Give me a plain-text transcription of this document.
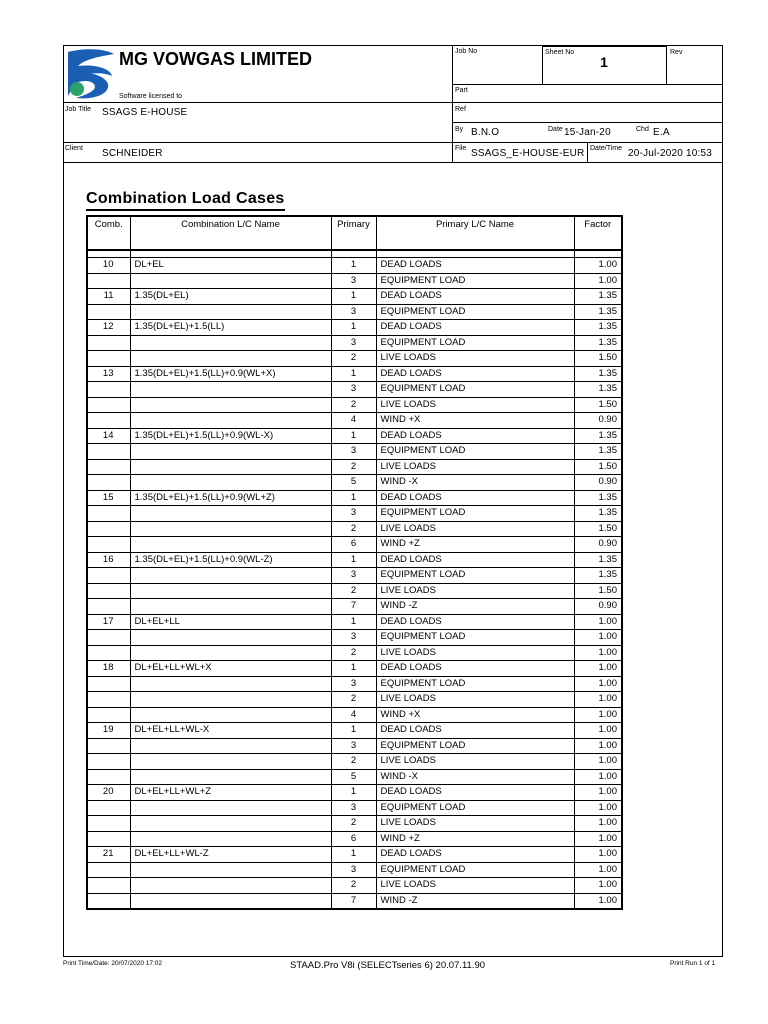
MG VOWGAS LIMITED
Software licensed to
Job No	Sheet No
1
Rev
Part
Ref
Job Title SSAGS E-HOUSE
By B.N.O	Date 15-Jan-20	Chd E.A
Client SCHNEIDER	File SSAGS_E-HOUSE-EUR Date/Time 20-Jul-2020 10:53
Combination Load Cases
Comb.	Combination L/C Name	Primary	Primary L/C Name	Factor

10	DL+EL	1	DEAD LOADS	1.00
		3	EQUIPMENT LOAD	1.00
11	1.35(DL+EL)	1	DEAD LOADS	1.35
		3	EQUIPMENT LOAD	1.35
12	1.35(DL+EL)+1.5(LL)	1	DEAD LOADS	1.35
		3	EQUIPMENT LOAD	1.35
		2	LIVE LOADS	1.50
13	1.35(DL+EL)+1.5(LL)+0.9(WL+X)	1	DEAD LOADS	1.35
		3	EQUIPMENT LOAD	1.35
		2	LIVE LOADS	1.50
		4	WIND +X	0.90
14	1.35(DL+EL)+1.5(LL)+0.9(WL-X)	1	DEAD LOADS	1.35
		3	EQUIPMENT LOAD	1.35
		2	LIVE LOADS	1.50
		5	WIND -X	0.90
15	1.35(DL+EL)+1.5(LL)+0.9(WL+Z)	1	DEAD LOADS	1.35
		3	EQUIPMENT LOAD	1.35
		2	LIVE LOADS	1.50
		6	WIND +Z	0.90
16	1.35(DL+EL)+1.5(LL)+0.9(WL-Z)	1	DEAD LOADS	1.35
		3	EQUIPMENT LOAD	1.35
		2	LIVE LOADS	1.50
		7	WIND -Z	0.90
17	DL+EL+LL	1	DEAD LOADS	1.00
		3	EQUIPMENT LOAD	1.00
		2	LIVE LOADS	1.00
18	DL+EL+LL+WL+X	1	DEAD LOADS	1.00
		3	EQUIPMENT LOAD	1.00
		2	LIVE LOADS	1.00
		4	WIND +X	1.00
19	DL+EL+LL+WL-X	1	DEAD LOADS	1.00
		3	EQUIPMENT LOAD	1.00
		2	LIVE LOADS	1.00
		5	WIND -X	1.00
20	DL+EL+LL+WL+Z	1	DEAD LOADS	1.00
		3	EQUIPMENT LOAD	1.00
		2	LIVE LOADS	1.00
		6	WIND +Z	1.00
21	DL+EL+LL+WL-Z	1	DEAD LOADS	1.00
		3	EQUIPMENT LOAD	1.00
		2	LIVE LOADS	1.00
		7	WIND -Z	1.00
Print Time/Date: 20/07/2020 17:02	STAAD.Pro V8i (SELECTseries 6) 20.07.11.90	Print Run 1 of 1
